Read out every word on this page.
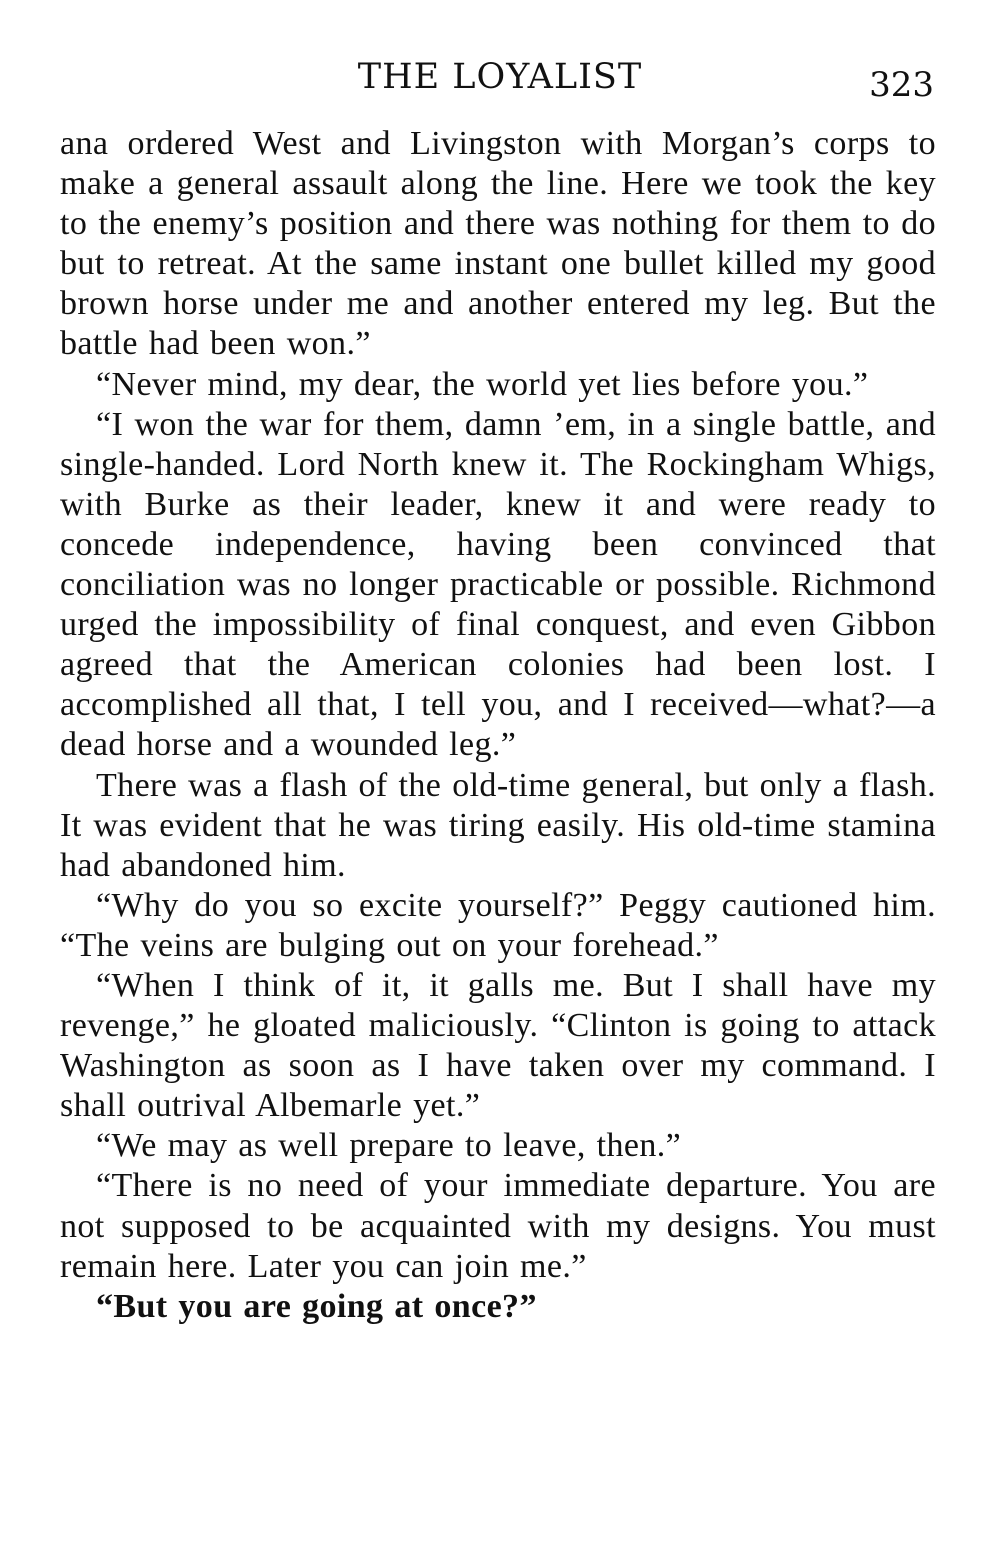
THE LOYALIST	323

ana ordered West and Livingston with Morgan’s corps to make a general assault along the line. Here we took the key to the enemy’s position and there was nothing for them to do but to retreat. At the same instant one bullet killed my good brown horse under me and another entered my leg. But the battle had been won.”

“Never mind, my dear, the world yet lies before you.”

“I won the war for them, damn ’em, in a single battle, and single-handed. Lord North knew it. The Rockingham Whigs, with Burke as their leader, knew it and were ready to concede independence, having been convinced that conciliation was no longer practicable or possible. Richmond urged the impossibility of final conquest, and even Gibbon agreed that the American colonies had been lost. I accomplished all that, I tell you, and I received—what?—a dead horse and a wounded leg.”

There was a flash of the old-time general, but only a flash. It was evident that he was tiring easily. His old-time stamina had abandoned him.

“Why do you so excite yourself?” Peggy cautioned him. “The veins are bulging out on your forehead.”

“When I think of it, it galls me. But I shall have my revenge,” he gloated maliciously. “Clinton is going to attack Washington as soon as I have taken over my command. I shall outrival Albemarle yet.”

“We may as well prepare to leave, then.”

“There is no need of your immediate departure. You are not supposed to be acquainted with my designs. You must remain here. Later you can join me.”

“But you are going at once?”
